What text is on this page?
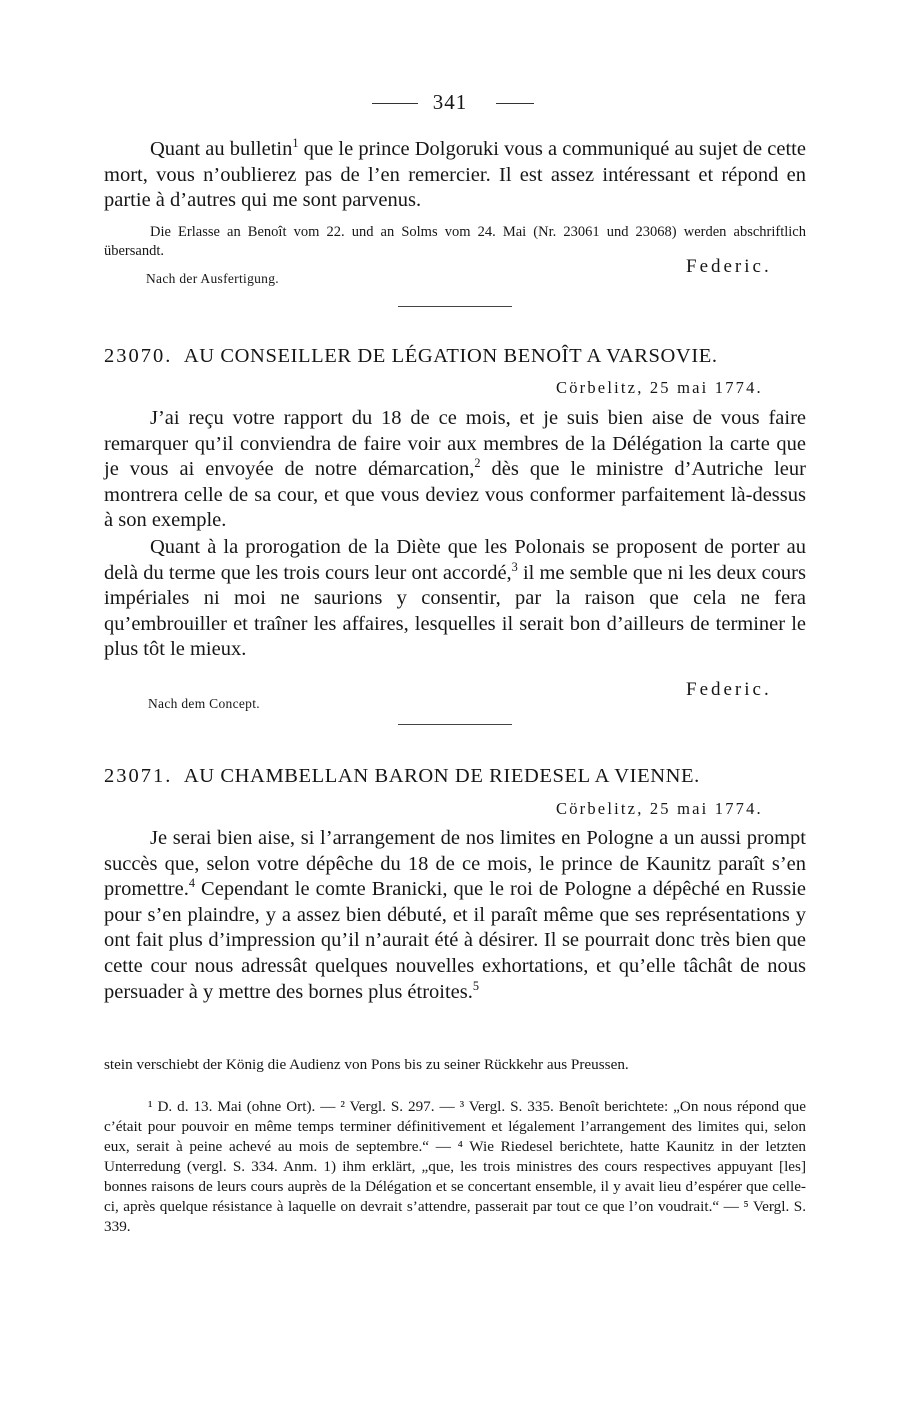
341

Quant au bulletin$^1$ que le prince Dolgoruki vous a communiqué au sujet de cette mort, vous n’oublierez pas de l’en remercier. Il est assez intéressant et répond en partie à d’autres qui me sont parvenus.

Die Erlasse an Benoît vom 22. und an Solms vom 24. Mai (Nr. 23061 und 23068) werden abschriftlich übersandt.

Nach der Ausfertigung.

Federic.
23070. AU CONSEILLER DE LÉGATION BENOÎT A VARSOVIE.
Cörbelitz, 25 mai 1774.

J’ai reçu votre rapport du 18 de ce mois, et je suis bien aise de vous faire remarquer qu’il conviendra de faire voir aux membres de la Délégation la carte que je vous ai envoyée de notre démarcation,$^2$ dès que le ministre d’Autriche leur montrera celle de sa cour, et que vous deviez vous conformer parfaitement là-dessus à son exemple.

Quant à la prorogation de la Diète que les Polonais se proposent de porter au delà du terme que les trois cours leur ont accordé,$^3$ il me semble que ni les deux cours impériales ni moi ne saurions y consentir, par la raison que cela ne fera qu’embrouiller et traîner les affaires, lesquelles il serait bon d’ailleurs de terminer le plus tôt le mieux.

Nach dem Concept.

Federic.
23071. AU CHAMBELLAN BARON DE RIEDESEL A VIENNE.
Cörbelitz, 25 mai 1774.

Je serai bien aise, si l’arrangement de nos limites en Pologne a un aussi prompt succès que, selon votre dépêche du 18 de ce mois, le prince de Kaunitz paraît s’en promettre.$^4$ Cependant le comte Branicki, que le roi de Pologne a dépêché en Russie pour s’en plaindre, y a assez bien débuté, et il paraît même que ses représentations y ont fait plus d’impression qu’il n’aurait été à désirer. Il se pourrait donc très bien que cette cour nous adressât quelques nouvelles exhortations, et qu’elle tâchât de nous persuader à y mettre des bornes plus étroites.$^5$

stein verschiebt der König die Audienz von Pons bis zu seiner Rückkehr aus Preussen.

¹ D. d. 13. Mai (ohne Ort). — ² Vergl. S. 297. — ³ Vergl. S. 335. Benoît berichtete: „On nous répond que c’était pour pouvoir en même temps terminer définitivement et légalement l’arrangement des limites qui, selon eux, serait à peine achevé au mois de septembre.“ — ⁴ Wie Riedesel berichtete, hatte Kaunitz in der letzten Unterredung (vergl. S. 334. Anm. 1) ihm erklärt, „que, les trois ministres des cours respectives appuyant [les] bonnes raisons de leurs cours auprès de la Délégation et se concertant ensemble, il y avait lieu d’espérer que celle-ci, après quelque résistance à laquelle on devrait s’attendre, passerait par tout ce que l’on voudrait.“ — ⁵ Vergl. S. 339.
